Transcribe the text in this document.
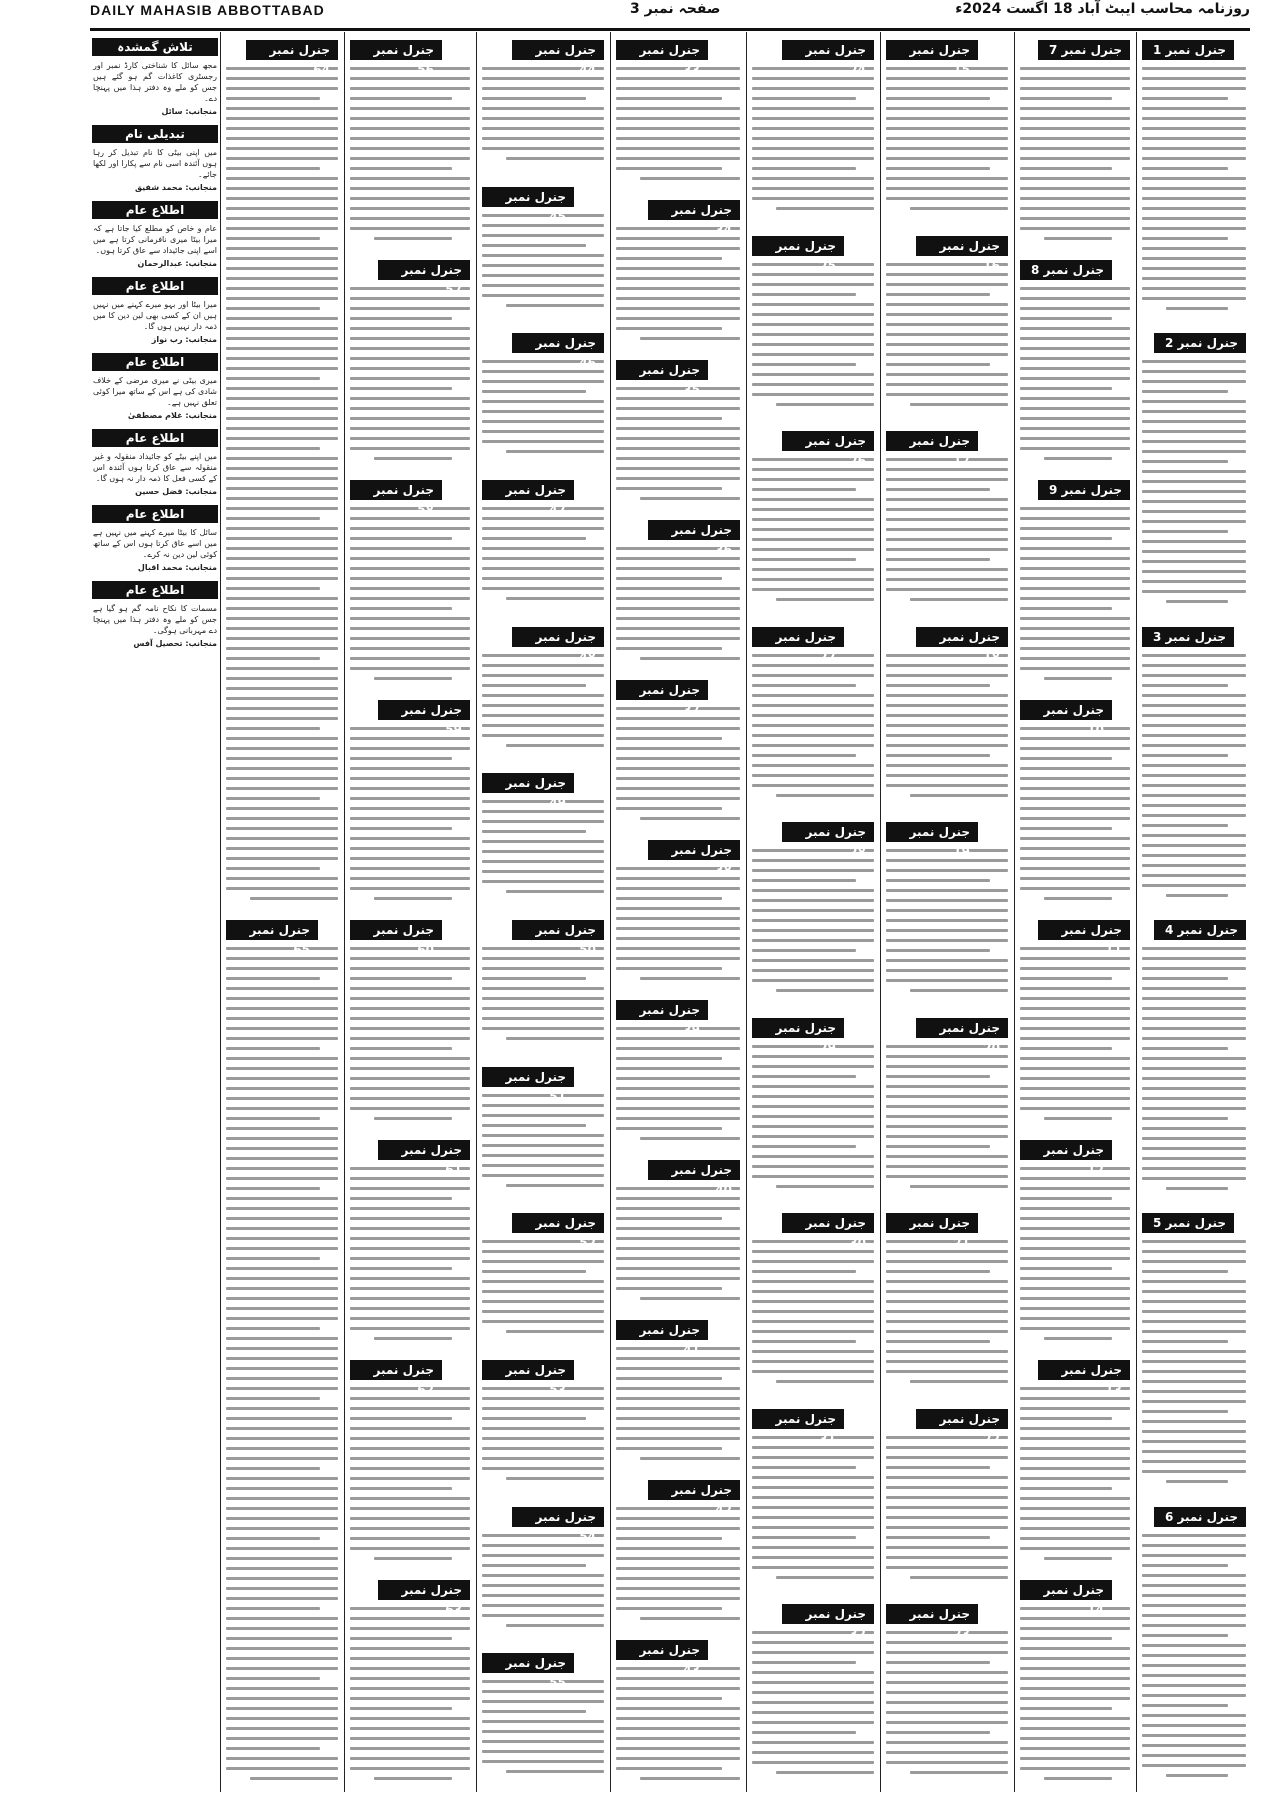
DAILY MAHASIB ABBOTTABAD	صفحہ نمبر 3	روزنامہ محاسب ایبٹ آباد 18 اگست 2024ء
تلاش گمشدہ
مجھ سائل کا شناختی کارڈ نمبر اور رجسٹری کاغذات گم ہو گئے ہیں جس کو ملے وہ دفتر ہذا میں پہنچا دے۔
منجانب: سائل
تبدیلی نام
میں اپنی بیٹی کا نام تبدیل کر رہا ہوں آئندہ اسی نام سے پکارا اور لکھا جائے۔
منجانب: محمد شفیق
اطلاع عام
عام و خاص کو مطلع کیا جاتا ہے کہ میرا بیٹا میری نافرمانی کرتا ہے میں اسے اپنی جائیداد سے عاق کرتا ہوں۔
منجانب: عبدالرحمان
اطلاع عام
میرا بیٹا اور بہو میرے کہنے میں نہیں ہیں ان کے کسی بھی لین دین کا میں ذمہ دار نہیں ہوں گا۔
منجانب: رب نواز
اطلاع عام
میری بیٹی نے میری مرضی کے خلاف شادی کی ہے اس کے ساتھ میرا کوئی تعلق نہیں ہے۔
منجانب: غلام مصطفیٰ
اطلاع عام
میں اپنے بیٹے کو جائیداد منقولہ و غیر منقولہ سے عاق کرتا ہوں آئندہ اس کے کسی فعل کا ذمہ دار نہ ہوں گا۔
منجانب: فضل حسین
اطلاع عام
سائل کا بیٹا میرے کہنے میں نہیں ہے میں اسے عاق کرتا ہوں اس کے ساتھ کوئی لین دین نہ کرے۔
منجانب: محمد اقبال
اطلاع عام
مسمات کا نکاح نامہ گم ہو گیا ہے جس کو ملے وہ دفتر ہذا میں پہنچا دے مہربانی ہوگی۔
منجانب: تحصیل آفس
جنرل نمبر 64
جنرل نمبر 65
جنرل نمبر 56
جنرل نمبر 57
جنرل نمبر 58
جنرل نمبر 59
جنرل نمبر 60
جنرل نمبر 61
جنرل نمبر 62
جنرل نمبر 63
جنرل نمبر 44
جنرل نمبر 45
جنرل نمبر 46
جنرل نمبر 47
جنرل نمبر 48
جنرل نمبر 49
جنرل نمبر 50
جنرل نمبر 51
جنرل نمبر 52
جنرل نمبر 53
جنرل نمبر 54
جنرل نمبر 55
جنرل نمبر 33
جنرل نمبر 34
جنرل نمبر 35
جنرل نمبر 36
جنرل نمبر 37
جنرل نمبر 38
جنرل نمبر 39
جنرل نمبر 40
جنرل نمبر 41
جنرل نمبر 42
جنرل نمبر 43
جنرل نمبر 24
جنرل نمبر 25
جنرل نمبر 26
جنرل نمبر 27
جنرل نمبر 28
جنرل نمبر 29
جنرل نمبر 30
جنرل نمبر 31
جنرل نمبر 32
جنرل نمبر 15
جنرل نمبر 16
جنرل نمبر 17
جنرل نمبر 18
جنرل نمبر 19
جنرل نمبر 20
جنرل نمبر 21
جنرل نمبر 22
جنرل نمبر 23
جنرل نمبر 7
جنرل نمبر 8
جنرل نمبر 9
جنرل نمبر 10
جنرل نمبر 11
جنرل نمبر 12
جنرل نمبر 13
جنرل نمبر 14
جنرل نمبر 1
جنرل نمبر 2
جنرل نمبر 3
جنرل نمبر 4
جنرل نمبر 5
جنرل نمبر 6
